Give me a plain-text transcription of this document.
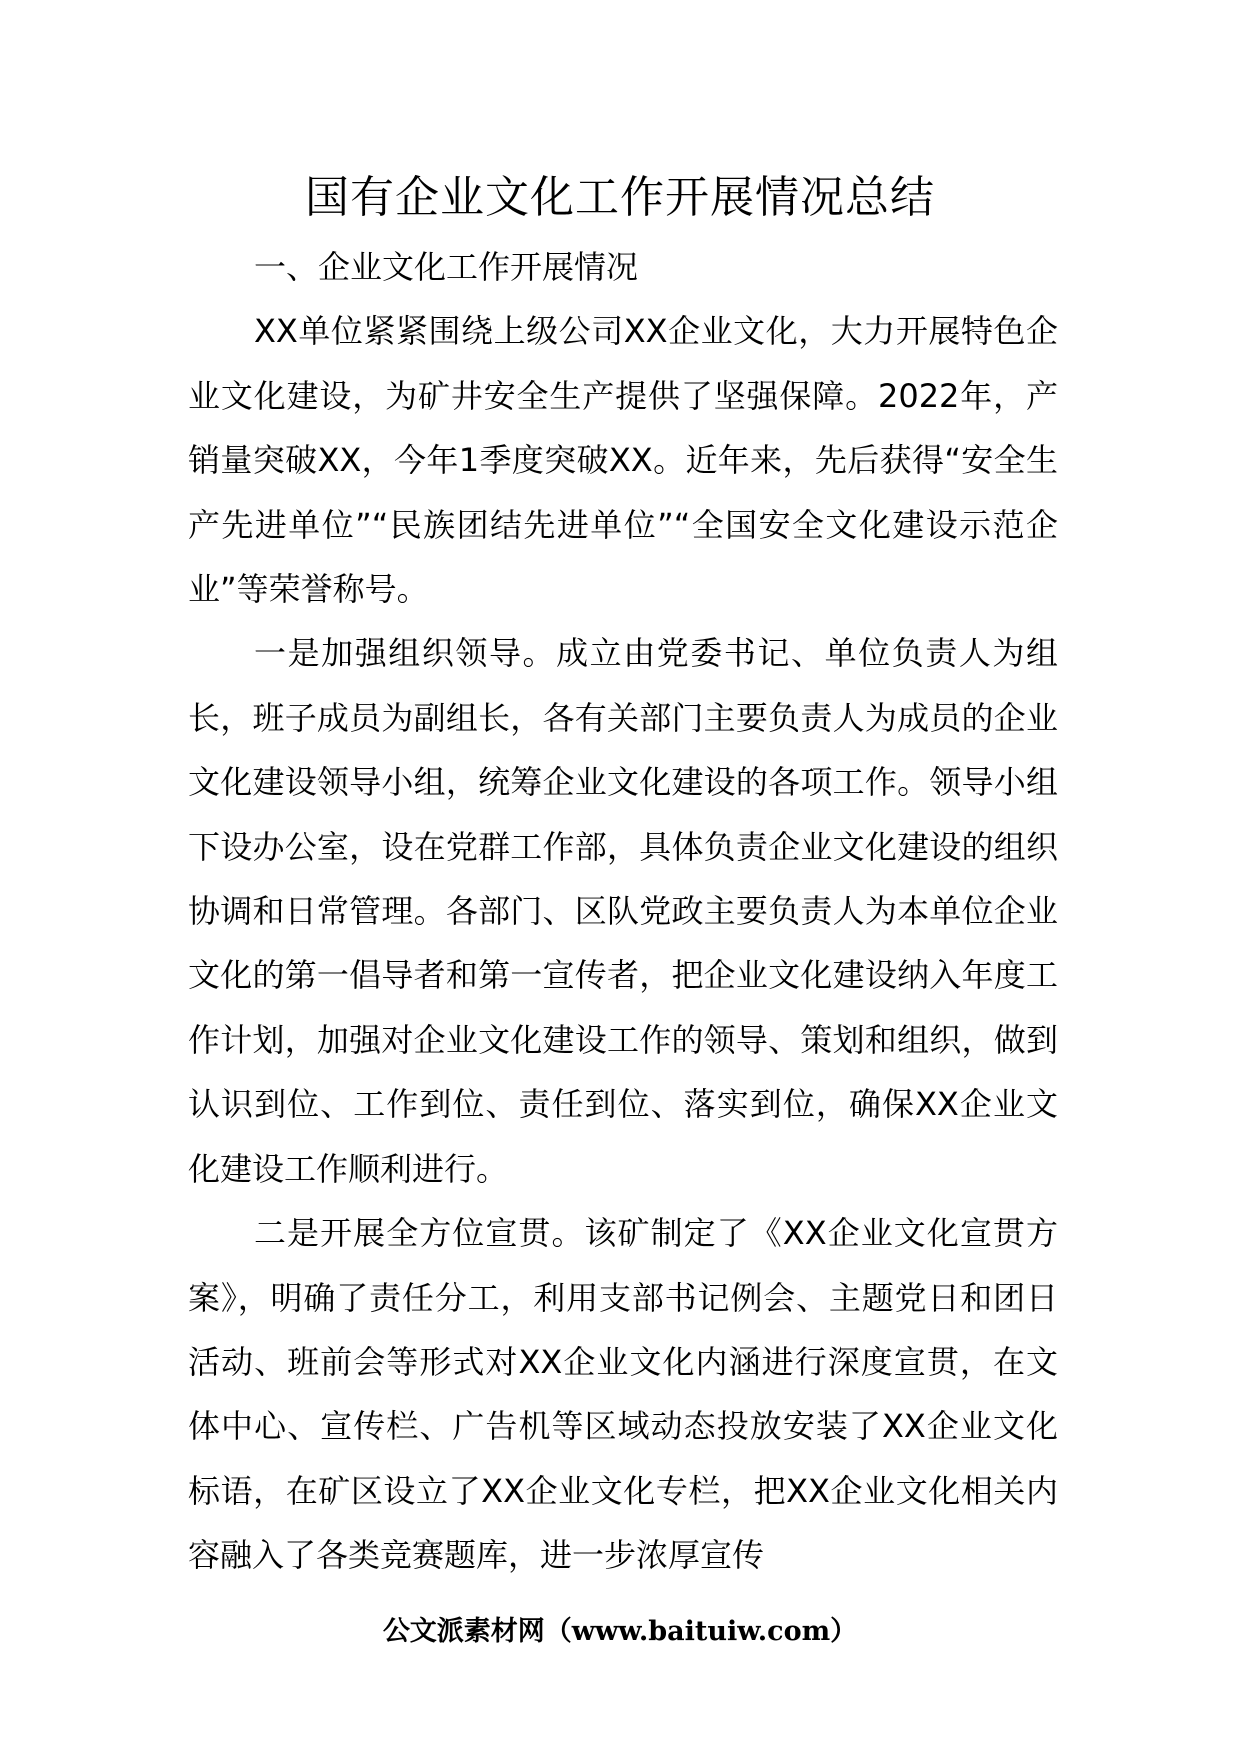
国有企业文化工作开展情况总结

一、企业文化工作开展情况

XX单位紧紧围绕上级公司XX企业文化，大力开展特色企业文化建设，为矿井安全生产提供了坚强保障。2022年，产销量突破XX，今年1季度突破XX。近年来，先后获得“安全生产先进单位”“民族团结先进单位”“全国安全文化建设示范企业”等荣誉称号。

一是加强组织领导。成立由党委书记、单位负责人为组长，班子成员为副组长，各有关部门主要负责人为成员的企业文化建设领导小组，统筹企业文化建设的各项工作。领导小组下设办公室，设在党群工作部，具体负责企业文化建设的组织协调和日常管理。各部门、区队党政主要负责人为本单位企业文化的第一倡导者和第一宣传者，把企业文化建设纳入年度工作计划，加强对企业文化建设工作的领导、策划和组织，做到认识到位、工作到位、责任到位、落实到位，确保XX企业文化建设工作顺利进行。

二是开展全方位宣贯。该矿制定了《XX企业文化宣贯方案》，明确了责任分工，利用支部书记例会、主题党日和团日活动、班前会等形式对XX企业文化内涵进行深度宣贯，在文体中心、宣传栏、广告机等区域动态投放安装了XX企业文化标语，在矿区设立了XX企业文化专栏，把XX企业文化相关内容融入了各类竞赛题库，进一步浓厚宣传

公文派素材网（www.baituiw.com）
